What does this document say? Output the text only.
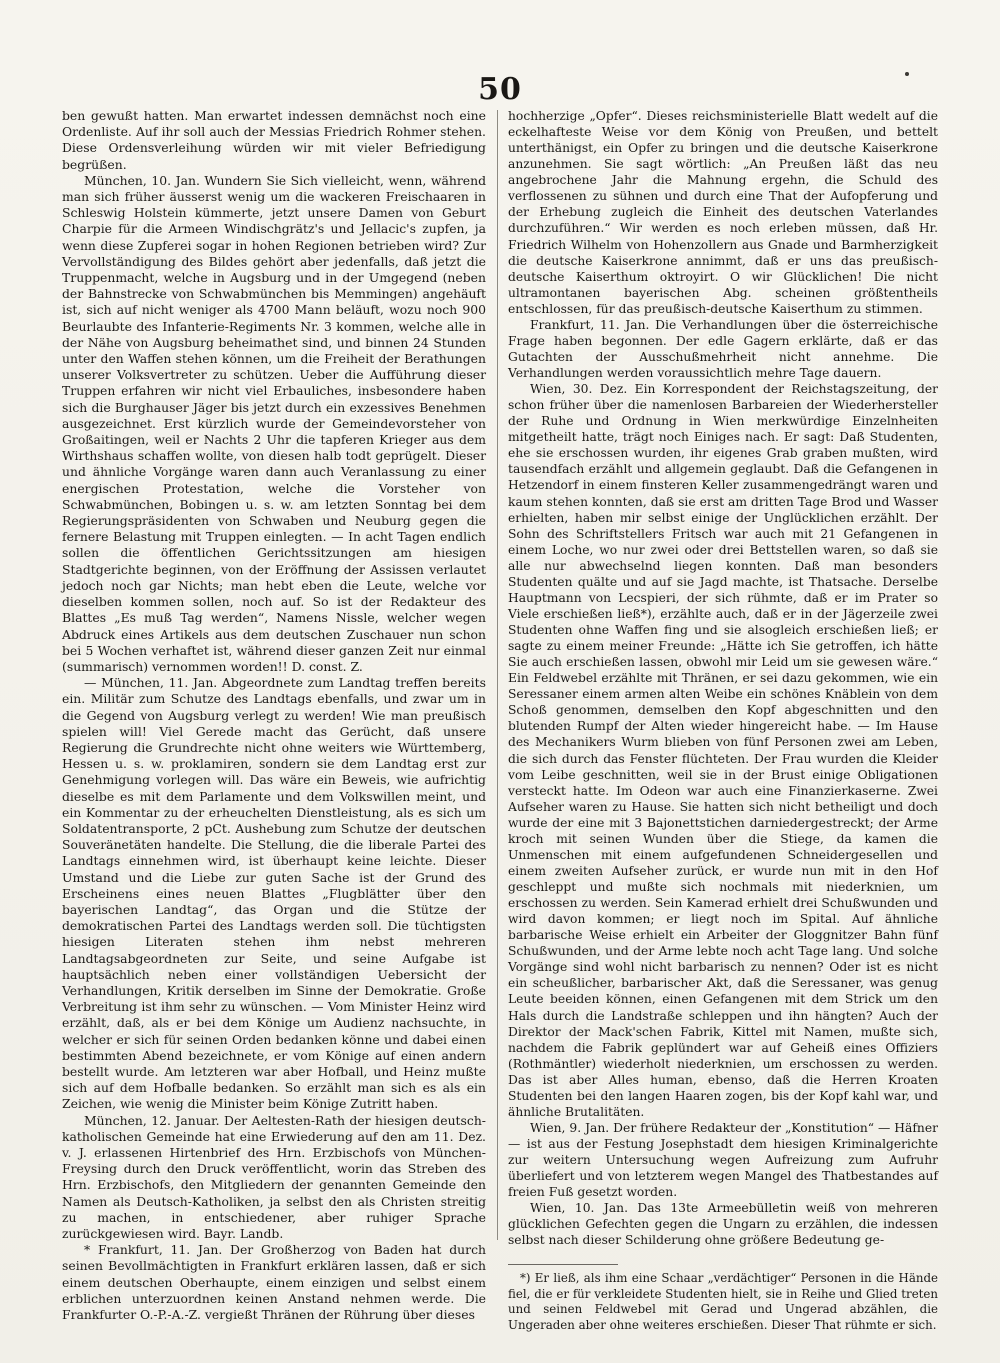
50

ben gewußt hatten. Man erwartet indessen demnächst noch eine Ordenliste. Auf ihr soll auch der Messias Friedrich Rohmer stehen. Diese Ordensverleihung würden wir mit vieler Befriedigung begrüßen.

München, 10. Jan. Wundern Sie Sich vielleicht, wenn, während man sich früher äusserst wenig um die wackeren Freischaaren in Schleswig Holstein kümmerte, jetzt unsere Damen von Geburt Charpie für die Armeen Windischgrätz's und Jellacic's zupfen, ja wenn diese Zupferei sogar in hohen Regionen betrieben wird? Zur Vervollständigung des Bildes gehört aber jedenfalls, daß jetzt die Truppenmacht, welche in Augsburg und in der Umgegend (neben der Bahnstrecke von Schwabmünchen bis Memmingen) angehäuft ist, sich auf nicht weniger als 4700 Mann beläuft, wozu noch 900 Beurlaubte des Infanterie-Regiments Nr. 3 kommen, welche alle in der Nähe von Augsburg beheimathet sind, und binnen 24 Stunden unter den Waffen stehen können, um die Freiheit der Berathungen unserer Volksvertreter zu schützen. Ueber die Aufführung dieser Truppen erfahren wir nicht viel Erbauliches, insbesondere haben sich die Burghauser Jäger bis jetzt durch ein exzessives Benehmen ausgezeichnet. Erst kürzlich wurde der Gemeindevorsteher von Großaitingen, weil er Nachts 2 Uhr die tapferen Krieger aus dem Wirthshaus schaffen wollte, von diesen halb todt geprügelt. Dieser und ähnliche Vorgänge waren dann auch Veranlassung zu einer energischen Protestation, welche die Vorsteher von Schwabmünchen, Bobingen u. s. w. am letzten Sonntag bei dem Regierungspräsidenten von Schwaben und Neuburg gegen die fernere Belastung mit Truppen einlegten. — In acht Tagen endlich sollen die öffentlichen Gerichtssitzungen am hiesigen Stadtgerichte beginnen, von der Eröffnung der Assissen verlautet jedoch noch gar Nichts; man hebt eben die Leute, welche vor dieselben kommen sollen, noch auf. So ist der Redakteur des Blattes „Es muß Tag werden“, Namens Nissle, welcher wegen Abdruck eines Artikels aus dem deutschen Zuschauer nun schon bei 5 Wochen verhaftet ist, während dieser ganzen Zeit nur einmal (summarisch) vernommen worden!! D. const. Z.

— München, 11. Jan. Abgeordnete zum Landtag treffen bereits ein. Militär zum Schutze des Landtags ebenfalls, und zwar um in die Gegend von Augsburg verlegt zu werden! Wie man preußisch spielen will! Viel Gerede macht das Gerücht, daß unsere Regierung die Grundrechte nicht ohne weiters wie Württemberg, Hessen u. s. w. proklamiren, sondern sie dem Landtag erst zur Genehmigung vorlegen will. Das wäre ein Beweis, wie aufrichtig dieselbe es mit dem Parlamente und dem Volkswillen meint, und ein Kommentar zu der erheuchelten Dienstleistung, als es sich um Soldatentransporte, 2 pCt. Aushebung zum Schutze der deutschen Souveränetäten handelte. Die Stellung, die die liberale Partei des Landtags einnehmen wird, ist überhaupt keine leichte. Dieser Umstand und die Liebe zur guten Sache ist der Grund des Erscheinens eines neuen Blattes „Flugblätter über den bayerischen Landtag“, das Organ und die Stütze der demokratischen Partei des Landtags werden soll. Die tüchtigsten hiesigen Literaten stehen ihm nebst mehreren Landtagsabgeordneten zur Seite, und seine Aufgabe ist hauptsächlich neben einer vollständigen Uebersicht der Verhandlungen, Kritik derselben im Sinne der Demokratie. Große Verbreitung ist ihm sehr zu wünschen. — Vom Minister Heinz wird erzählt, daß, als er bei dem Könige um Audienz nachsuchte, in welcher er sich für seinen Orden bedanken könne und dabei einen bestimmten Abend bezeichnete, er vom Könige auf einen andern bestellt wurde. Am letzteren war aber Hofball, und Heinz mußte sich auf dem Hofballe bedanken. So erzählt man sich es als ein Zeichen, wie wenig die Minister beim Könige Zutritt haben.

München, 12. Januar. Der Aeltesten-Rath der hiesigen deutsch-katholischen Gemeinde hat eine Erwiederung auf den am 11. Dez. v. J. erlassenen Hirtenbrief des Hrn. Erzbischofs von München-Freysing durch den Druck veröffentlicht, worin das Streben des Hrn. Erzbischofs, den Mitgliedern der genannten Gemeinde den Namen als Deutsch-Katholiken, ja selbst den als Christen streitig zu machen, in entschiedener, aber ruhiger Sprache zurückgewiesen wird. Bayr. Landb.

* Frankfurt, 11. Jan. Der Großherzog von Baden hat durch seinen Bevollmächtigten in Frankfurt erklären lassen, daß er sich einem deutschen Oberhaupte, einem einzigen und selbst einem erblichen unterzuordnen keinen Anstand nehmen werde. Die Frankfurter O.-P.-A.-Z. vergießt Thränen der Rührung über dieses

hochherzige „Opfer“. Dieses reichsministerielle Blatt wedelt auf die eckelhafteste Weise vor dem König von Preußen, und bettelt unterthänigst, ein Opfer zu bringen und die deutsche Kaiserkrone anzunehmen. Sie sagt wörtlich: „An Preußen läßt das neu angebrochene Jahr die Mahnung ergehn, die Schuld des verflossenen zu sühnen und durch eine That der Aufopferung und der Erhebung zugleich die Einheit des deutschen Vaterlandes durchzuführen.“ Wir werden es noch erleben müssen, daß Hr. Friedrich Wilhelm von Hohenzollern aus Gnade und Barmherzigkeit die deutsche Kaiserkrone annimmt, daß er uns das preußisch-deutsche Kaiserthum oktroyirt. O wir Glücklichen! Die nicht ultramontanen bayerischen Abg. scheinen größtentheils entschlossen, für das preußisch-deutsche Kaiserthum zu stimmen.

Frankfurt, 11. Jan. Die Verhandlungen über die österreichische Frage haben begonnen. Der edle Gagern erklärte, daß er das Gutachten der Ausschußmehrheit nicht annehme. Die Verhandlungen werden voraussichtlich mehre Tage dauern.

Wien, 30. Dez. Ein Korrespondent der Reichstagszeitung, der schon früher über die namenlosen Barbareien der Wiederhersteller der Ruhe und Ordnung in Wien merkwürdige Einzelnheiten mitgetheilt hatte, trägt noch Einiges nach. Er sagt: Daß Studenten, ehe sie erschossen wurden, ihr eigenes Grab graben mußten, wird tausendfach erzählt und allgemein geglaubt. Daß die Gefangenen in Hetzendorf in einem finsteren Keller zusammengedrängt waren und kaum stehen konnten, daß sie erst am dritten Tage Brod und Wasser erhielten, haben mir selbst einige der Unglücklichen erzählt. Der Sohn des Schriftstellers Fritsch war auch mit 21 Gefangenen in einem Loche, wo nur zwei oder drei Bettstellen waren, so daß sie alle nur abwechselnd liegen konnten. Daß man besonders Studenten quälte und auf sie Jagd machte, ist Thatsache. Derselbe Hauptmann von Lecspieri, der sich rühmte, daß er im Prater so Viele erschießen ließ*), erzählte auch, daß er in der Jägerzeile zwei Studenten ohne Waffen fing und sie alsogleich erschießen ließ; er sagte zu einem meiner Freunde: „Hätte ich Sie getroffen, ich hätte Sie auch erschießen lassen, obwohl mir Leid um sie gewesen wäre.“ Ein Feldwebel erzählte mit Thränen, er sei dazu gekommen, wie ein Seressaner einem armen alten Weibe ein schönes Knäblein von dem Schoß genommen, demselben den Kopf abgeschnitten und den blutenden Rumpf der Alten wieder hingereicht habe. — Im Hause des Mechanikers Wurm blieben von fünf Personen zwei am Leben, die sich durch das Fenster flüchteten. Der Frau wurden die Kleider vom Leibe geschnitten, weil sie in der Brust einige Obligationen versteckt hatte. Im Odeon war auch eine Finanzierkaserne. Zwei Aufseher waren zu Hause. Sie hatten sich nicht betheiligt und doch wurde der eine mit 3 Bajonettstichen darniedergestreckt; der Arme kroch mit seinen Wunden über die Stiege, da kamen die Unmenschen mit einem aufgefundenen Schneidergesellen und einem zweiten Aufseher zurück, er wurde nun mit in den Hof geschleppt und mußte sich nochmals mit niederknien, um erschossen zu werden. Sein Kamerad erhielt drei Schußwunden und wird davon kommen; er liegt noch im Spital. Auf ähnliche barbarische Weise erhielt ein Arbeiter der Gloggnitzer Bahn fünf Schußwunden, und der Arme lebte noch acht Tage lang. Und solche Vorgänge sind wohl nicht barbarisch zu nennen? Oder ist es nicht ein scheußlicher, barbarischer Akt, daß die Seressaner, was genug Leute beeiden können, einen Gefangenen mit dem Strick um den Hals durch die Landstraße schleppen und ihn hängten? Auch der Direktor der Mack'schen Fabrik, Kittel mit Namen, mußte sich, nachdem die Fabrik geplündert war auf Geheiß eines Offiziers (Rothmäntler) wiederholt niederknien, um erschossen zu werden. Das ist aber Alles human, ebenso, daß die Herren Kroaten Studenten bei den langen Haaren zogen, bis der Kopf kahl war, und ähnliche Brutalitäten.

Wien, 9. Jan. Der frühere Redakteur der „Konstitution“ — Häfner — ist aus der Festung Josephstadt dem hiesigen Kriminalgerichte zur weitern Untersuchung wegen Aufreizung zum Aufruhr überliefert und von letzterem wegen Mangel des Thatbestandes auf freien Fuß gesetzt worden.

Wien, 10. Jan. Das 13te Armeebülletin weiß von mehreren glücklichen Gefechten gegen die Ungarn zu erzählen, die indessen selbst nach dieser Schilderung ohne größere Bedeutung ge-

*) Er ließ, als ihm eine Schaar „verdächtiger“ Personen in die Hände fiel, die er für verkleidete Studenten hielt, sie in Reihe und Glied treten und seinen Feldwebel mit Gerad und Ungerad abzählen, die Ungeraden aber ohne weiteres erschießen. Dieser That rühmte er sich.
